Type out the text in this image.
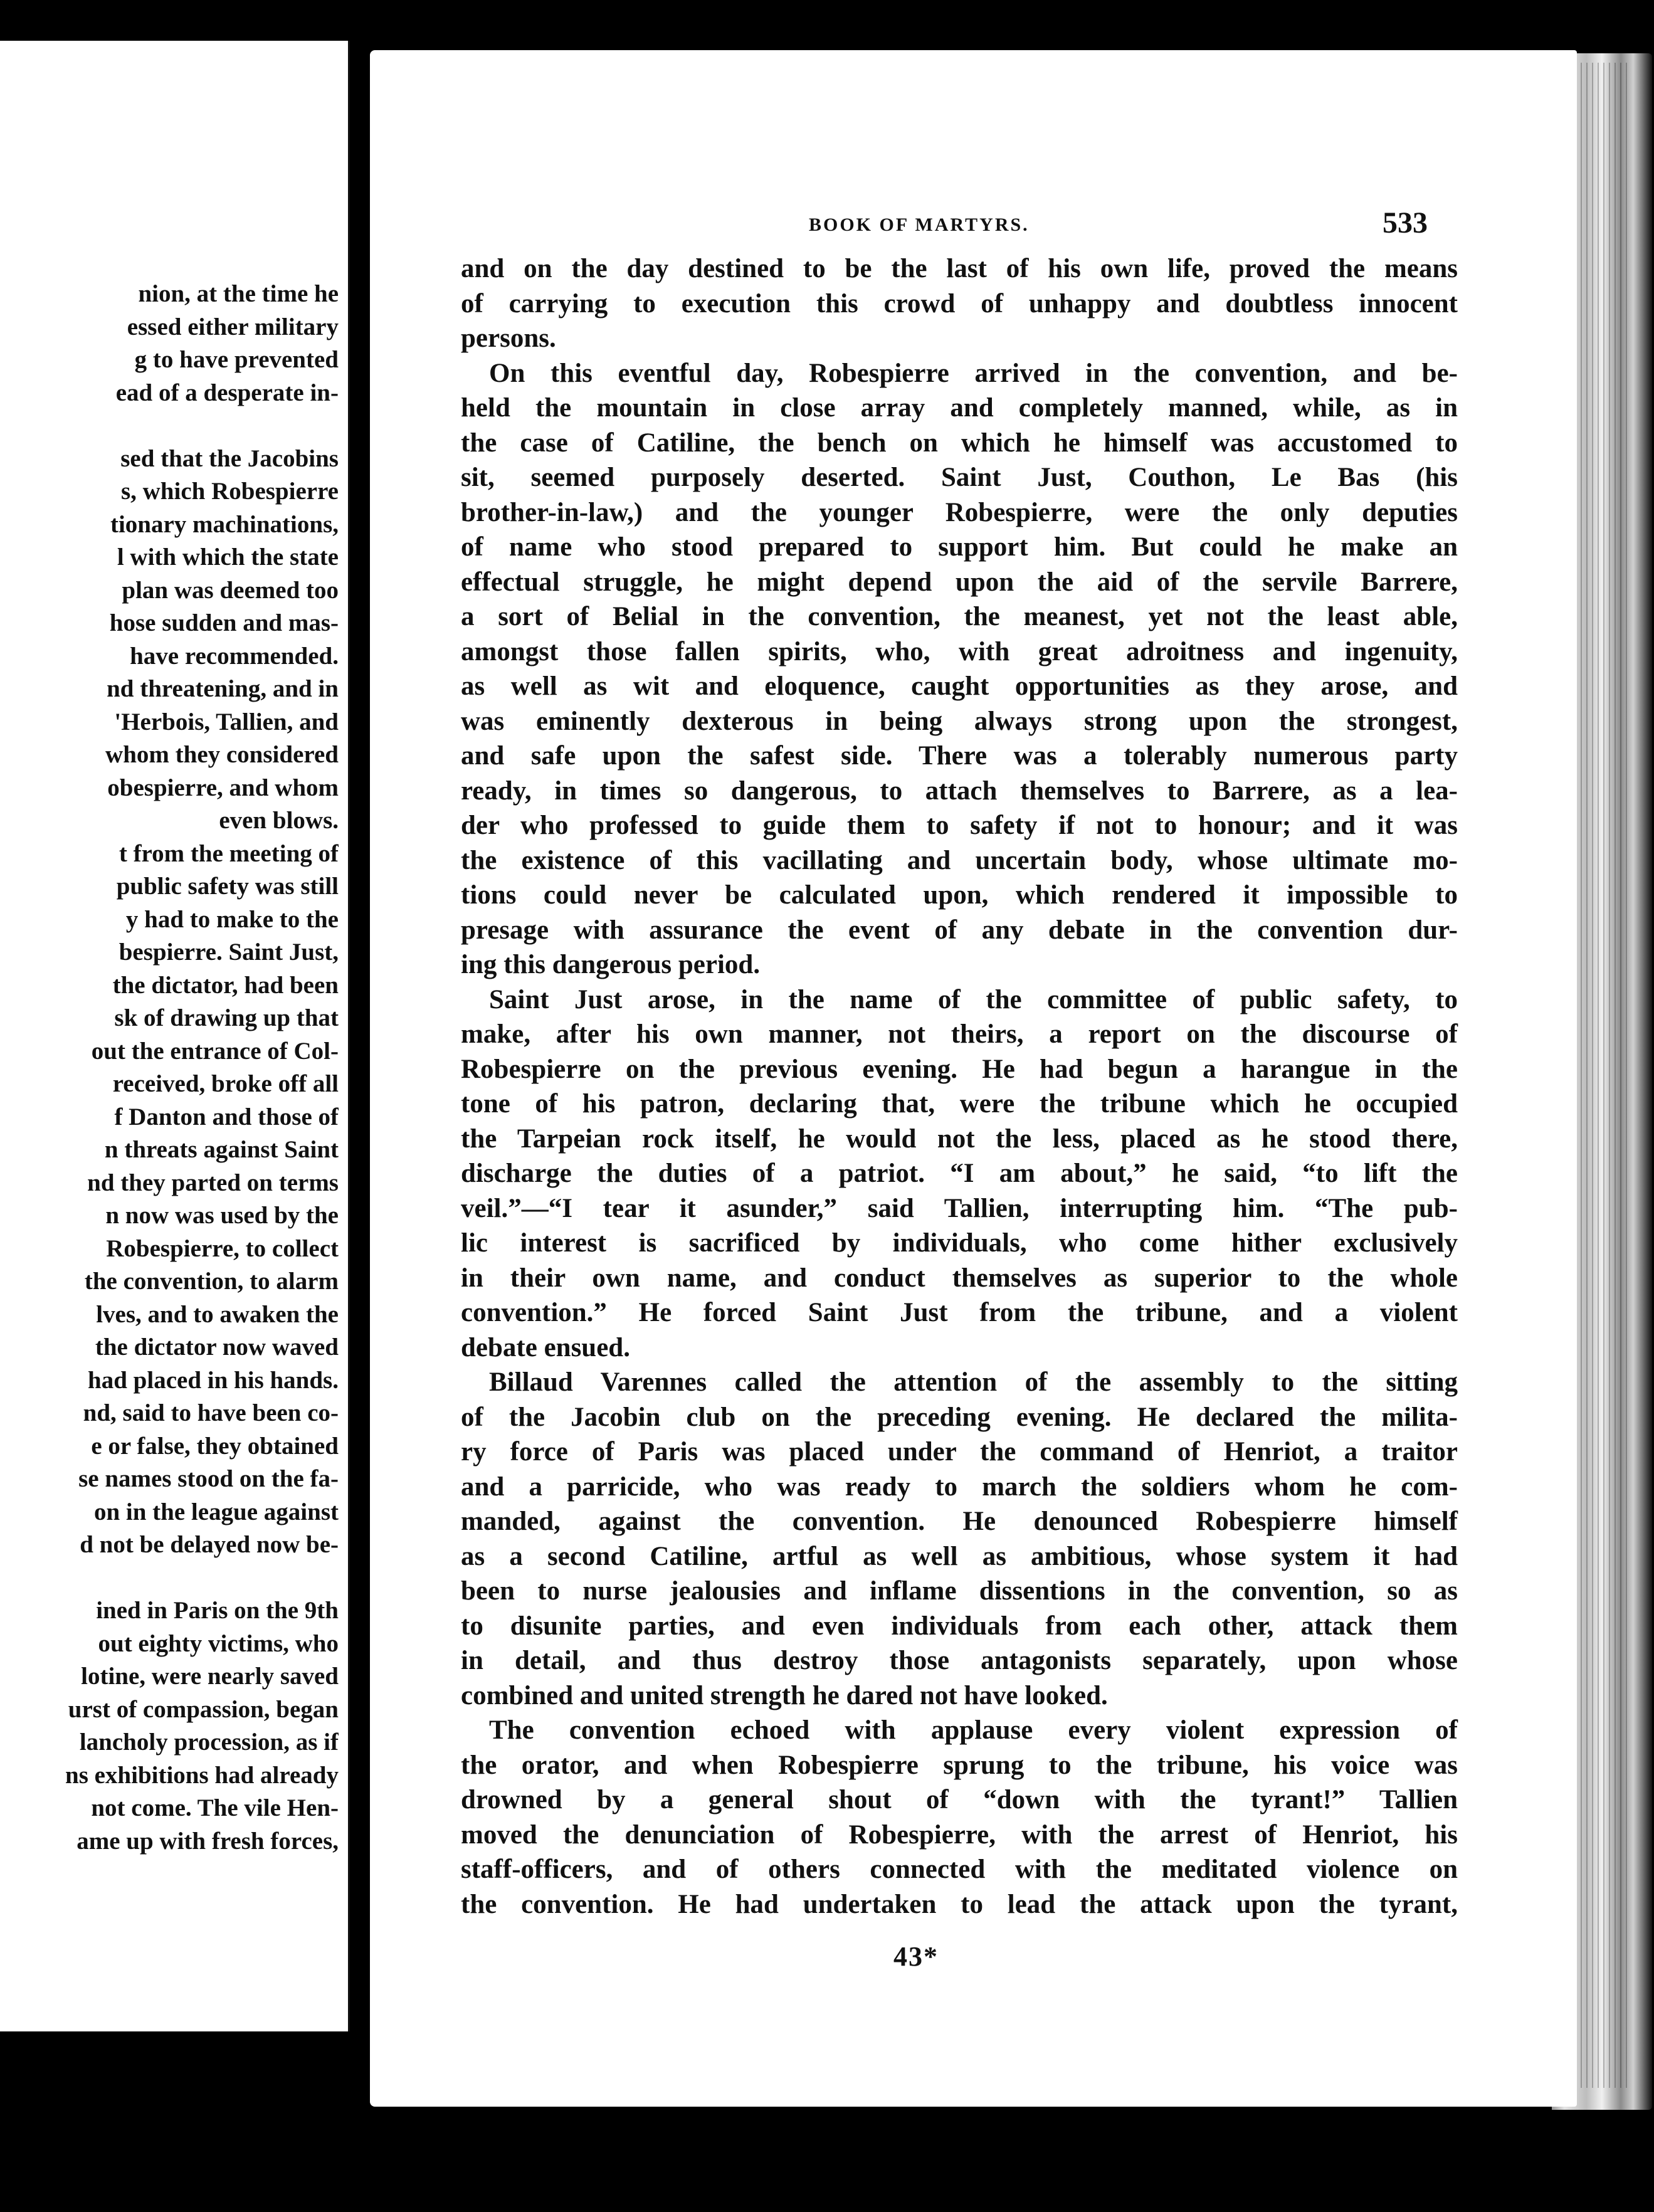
nion, at the time he
essed either military
g to have prevented
ead of a desperate in-
sed that the Jacobins
s, which Robespierre
tionary machinations,
l with which the state
plan was deemed too
hose sudden and mas-
have recommended.
nd threatening, and in
'Herbois, Tallien, and
whom they considered
obespierre, and whom
even blows.
t from the meeting of
public safety was still
y had to make to the
bespierre. Saint Just,
the dictator, had been
sk of drawing up that
out the entrance of Col-
received, broke off all
f Danton and those of
n threats against Saint
nd they parted on terms
n now was used by the
Robespierre, to collect
the convention, to alarm
lves, and to awaken the
the dictator now waved
had placed in his hands.
nd, said to have been co-
e or false, they obtained
se names stood on the fa-
on in the league against
d not be delayed now be-
ined in Paris on the 9th
out eighty victims, who
lotine, were nearly saved
urst of compassion, began
lancholy procession, as if
ns exhibitions had already
not come. The vile Hen-
ame up with fresh forces,
BOOK OF MARTYRS.	533
and on the day destined to be the last of his own life, proved the means
of carrying to execution this crowd of unhappy and doubtless innocent
persons.
On this eventful day, Robespierre arrived in the convention, and be-
held the mountain in close array and completely manned, while, as in
the case of Catiline, the bench on which he himself was accustomed to
sit, seemed purposely deserted. Saint Just, Couthon, Le Bas (his
brother-in-law,) and the younger Robespierre, were the only deputies
of name who stood prepared to support him. But could he make an
effectual struggle, he might depend upon the aid of the servile Barrere,
a sort of Belial in the convention, the meanest, yet not the least able,
amongst those fallen spirits, who, with great adroitness and ingenuity,
as well as wit and eloquence, caught opportunities as they arose, and
was eminently dexterous in being always strong upon the strongest,
and safe upon the safest side. There was a tolerably numerous party
ready, in times so dangerous, to attach themselves to Barrere, as a lea-
der who professed to guide them to safety if not to honour; and it was
the existence of this vacillating and uncertain body, whose ultimate mo-
tions could never be calculated upon, which rendered it impossible to
presage with assurance the event of any debate in the convention dur-
ing this dangerous period.
Saint Just arose, in the name of the committee of public safety, to
make, after his own manner, not theirs, a report on the discourse of
Robespierre on the previous evening. He had begun a harangue in the
tone of his patron, declaring that, were the tribune which he occupied
the Tarpeian rock itself, he would not the less, placed as he stood there,
discharge the duties of a patriot. “I am about,” he said, “to lift the
veil.”—“I tear it asunder,” said Tallien, interrupting him. “The pub-
lic interest is sacrificed by individuals, who come hither exclusively
in their own name, and conduct themselves as superior to the whole
convention.” He forced Saint Just from the tribune, and a violent
debate ensued.
Billaud Varennes called the attention of the assembly to the sitting
of the Jacobin club on the preceding evening. He declared the milita-
ry force of Paris was placed under the command of Henriot, a traitor
and a parricide, who was ready to march the soldiers whom he com-
manded, against the convention. He denounced Robespierre himself
as a second Catiline, artful as well as ambitious, whose system it had
been to nurse jealousies and inflame dissentions in the convention, so as
to disunite parties, and even individuals from each other, attack them
in detail, and thus destroy those antagonists separately, upon whose
combined and united strength he dared not have looked.
The convention echoed with applause every violent expression of
the orator, and when Robespierre sprung to the tribune, his voice was
drowned by a general shout of “down with the tyrant!” Tallien
moved the denunciation of Robespierre, with the arrest of Henriot, his
staff-officers, and of others connected with the meditated violence on
the convention. He had undertaken to lead the attack upon the tyrant,
43*
